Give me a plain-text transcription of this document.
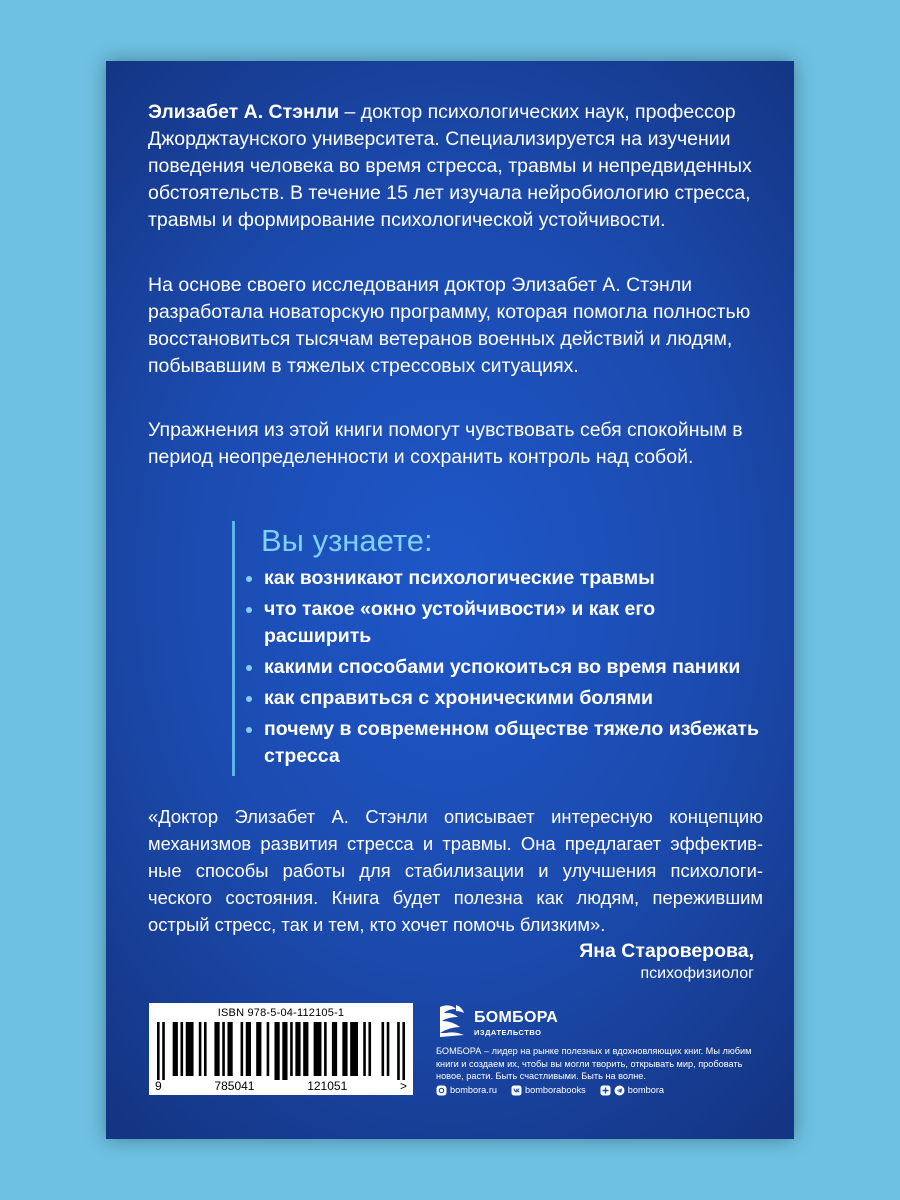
Элизабет А. Стэнли – доктор психологических наук, профессор Джорджтаунского университета. Специализируется на изучении поведения человека во время стресса, травмы и непредвиденных обстоятельств. В течение 15 лет изучала нейробиологию стресса, травмы и формирование психологической устойчивости.

На основе своего исследования доктор Элизабет А. Стэнли разработала новаторскую программу, которая помогла полностью восстановиться тысячам ветеранов военных действий и людям, побывавшим в тяжелых стрессовых ситуациях.

Упражнения из этой книги помогут чувствовать себя спокойным в период неопределенности и сохранить контроль над собой.

Вы узнаете:
как возникают психологические травмы
что такое «окно устойчивости» и как его расширить
какими способами успокоиться во время паники
как справиться с хроническими болями
почему в современном обществе тяжело избежать стресса

«Доктор Элизабет А. Стэнли описывает интересную концепцию механизмов развития стресса и травмы. Она предлагает эффектив-ные способы работы для стабилизации и улучшения психологи-ческого состояния. Книга будет полезна как людям, пережившим острый стресс, так и тем, кто хочет помочь близким».

Яна Староверова,
психофизиолог
ISBN 978-5-04-112105-1
9	785041	121051	>
БОМБОРА
ИЗДАТЕЛЬСТВО
БОМБОРА – лидер на рынке полезных и вдохновляющих книг. Мы любим книги и создаем их, чтобы вы могли творить, открывать мир, пробовать новое, расти. Быть счастливыми. Быть на волне.
bombora.ru	bomborabooks	bombora
